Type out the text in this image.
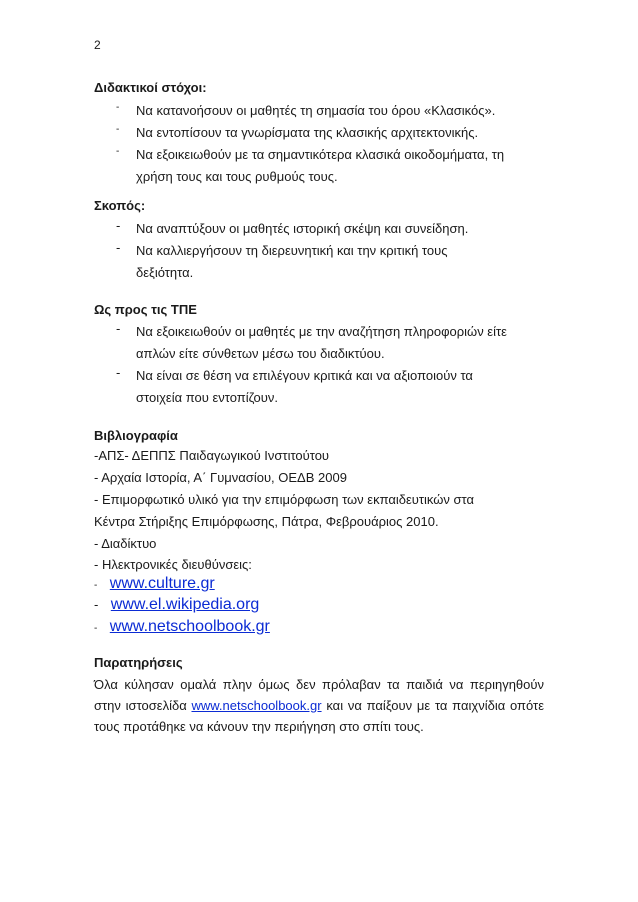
2
Διδακτικοί στόχοι:
- Να κατανοήσουν οι μαθητές τη σημασία του όρου «Κλασικός».
- Να εντοπίσουν τα γνωρίσματα της κλασικής αρχιτεκτονικής.
- Να εξοικειωθούν με τα σημαντικότερα κλασικά οικοδομήματα, τη χρήση τους και τους ρυθμούς τους.
Σκοπός:
- Να αναπτύξουν οι μαθητές ιστορική σκέψη και συνείδηση.
- Να καλλιεργήσουν τη διερευνητική και την κριτική τους δεξιότητα.
Ως προς τις ΤΠΕ
- Να εξοικειωθούν οι μαθητές με την αναζήτηση πληροφοριών είτε απλών είτε σύνθετων μέσω του διαδικτύου.
- Να είναι σε θέση να επιλέγουν κριτικά και να αξιοποιούν τα στοιχεία που εντοπίζουν.
Βιβλιογραφία
-ΑΠΣ- ΔΕΠΠΣ Παιδαγωγικού Ινστιτούτου
- Αρχαία Ιστορία, Α΄ Γυμνασίου, ΟΕΔΒ 2009
- Επιμορφωτικό υλικό για την επιμόρφωση των εκπαιδευτικών στα
Κέντρα Στήριξης Επιμόρφωσης, Πάτρα, Φεβρουάριος 2010.
- Διαδίκτυο
- Ηλεκτρονικές διευθύνσεις:
- www.culture.gr
- www.el.wikipedia.org
- www.netschoolbook.gr
Παρατηρήσεις
Όλα κύλησαν ομαλά πλην όμως δεν πρόλαβαν τα παιδιά να περιηγηθούν στην ιστοσελίδα www.netschoolbook.gr και να παίξουν με τα παιχνίδια οπότε τους προτάθηκε να κάνουν την περιήγηση στο σπίτι τους.
